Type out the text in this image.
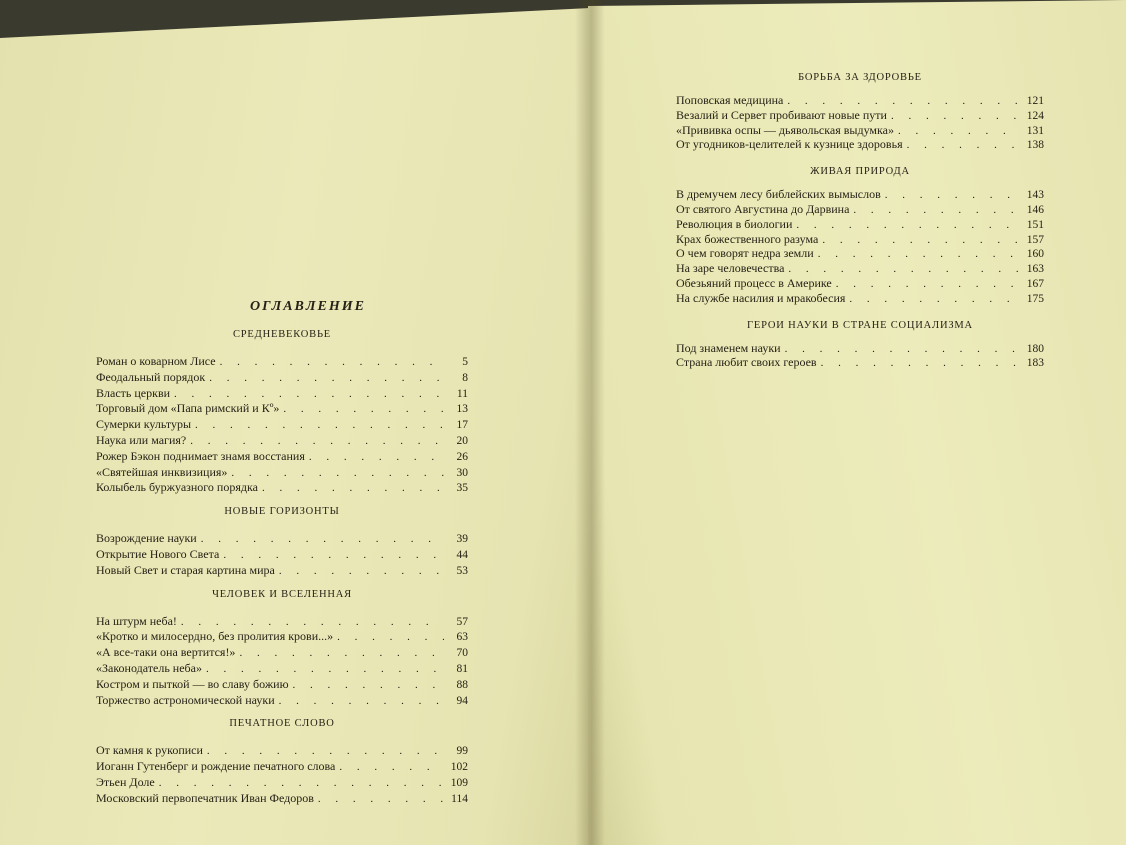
ОГЛАВЛЕНИЕ
СРЕДНЕВЕКОВЬЕ
Роман о коварном Лисе . . .	5
Феодальный порядок . . .	8
Власть церкви . . .	11
Торговый дом «Папа римский и Кº» . . .	13
Сумерки культуры . . .	17
Наука или магия? . . .	20
Рожер Бэкон поднимает знамя восстания . . .	26
«Святейшая инквизиция» . . .	30
Колыбель буржуазного порядка . . .	35
НОВЫЕ ГОРИЗОНТЫ
Возрождение науки . . .	39
Открытие Нового Света . . .	44
Новый Свет и старая картина мира . . .	53
ЧЕЛОВЕК И ВСЕЛЕННАЯ
На штурм неба! . . .	57
«Кротко и милосердно, без пролития крови...» . . .	63
«А все-таки она вертится!» . . .	70
«Законодатель неба» . . .	81
Костром и пыткой — во славу божию . . .	88
Торжество астрономической науки . . .	94
ПЕЧАТНОЕ СЛОВО
От камня к рукописи . . .	99
Иоганн Гутенберг и рождение печатного слова . . .	102
Этьен Доле . . .	109
Московский первопечатник Иван Федоров . . .	114
БОРЬБА ЗА ЗДОРОВЬЕ
Поповская медицина . . .	121
Везалий и Сервет пробивают новые пути . . .	124
«Прививка оспы — дьявольская выдумка» . . .	131
От угодников-целителей к кузнице здоровья . . .	138
ЖИВАЯ ПРИРОДА
В дремучем лесу библейских вымыслов . . .	143
От святого Августина до Дарвина . . .	146
Революция в биологии . . .	151
Крах божественного разума . . .	157
О чем говорят недра земли . . .	160
На заре человечества . . .	163
Обезьяний процесс в Америке . . .	167
На службе насилия и мракобесия . . .	175
ГЕРОИ НАУКИ В СТРАНЕ СОЦИАЛИЗМА
Под знаменем науки . . .	180
Страна любит своих героев . . .	183
